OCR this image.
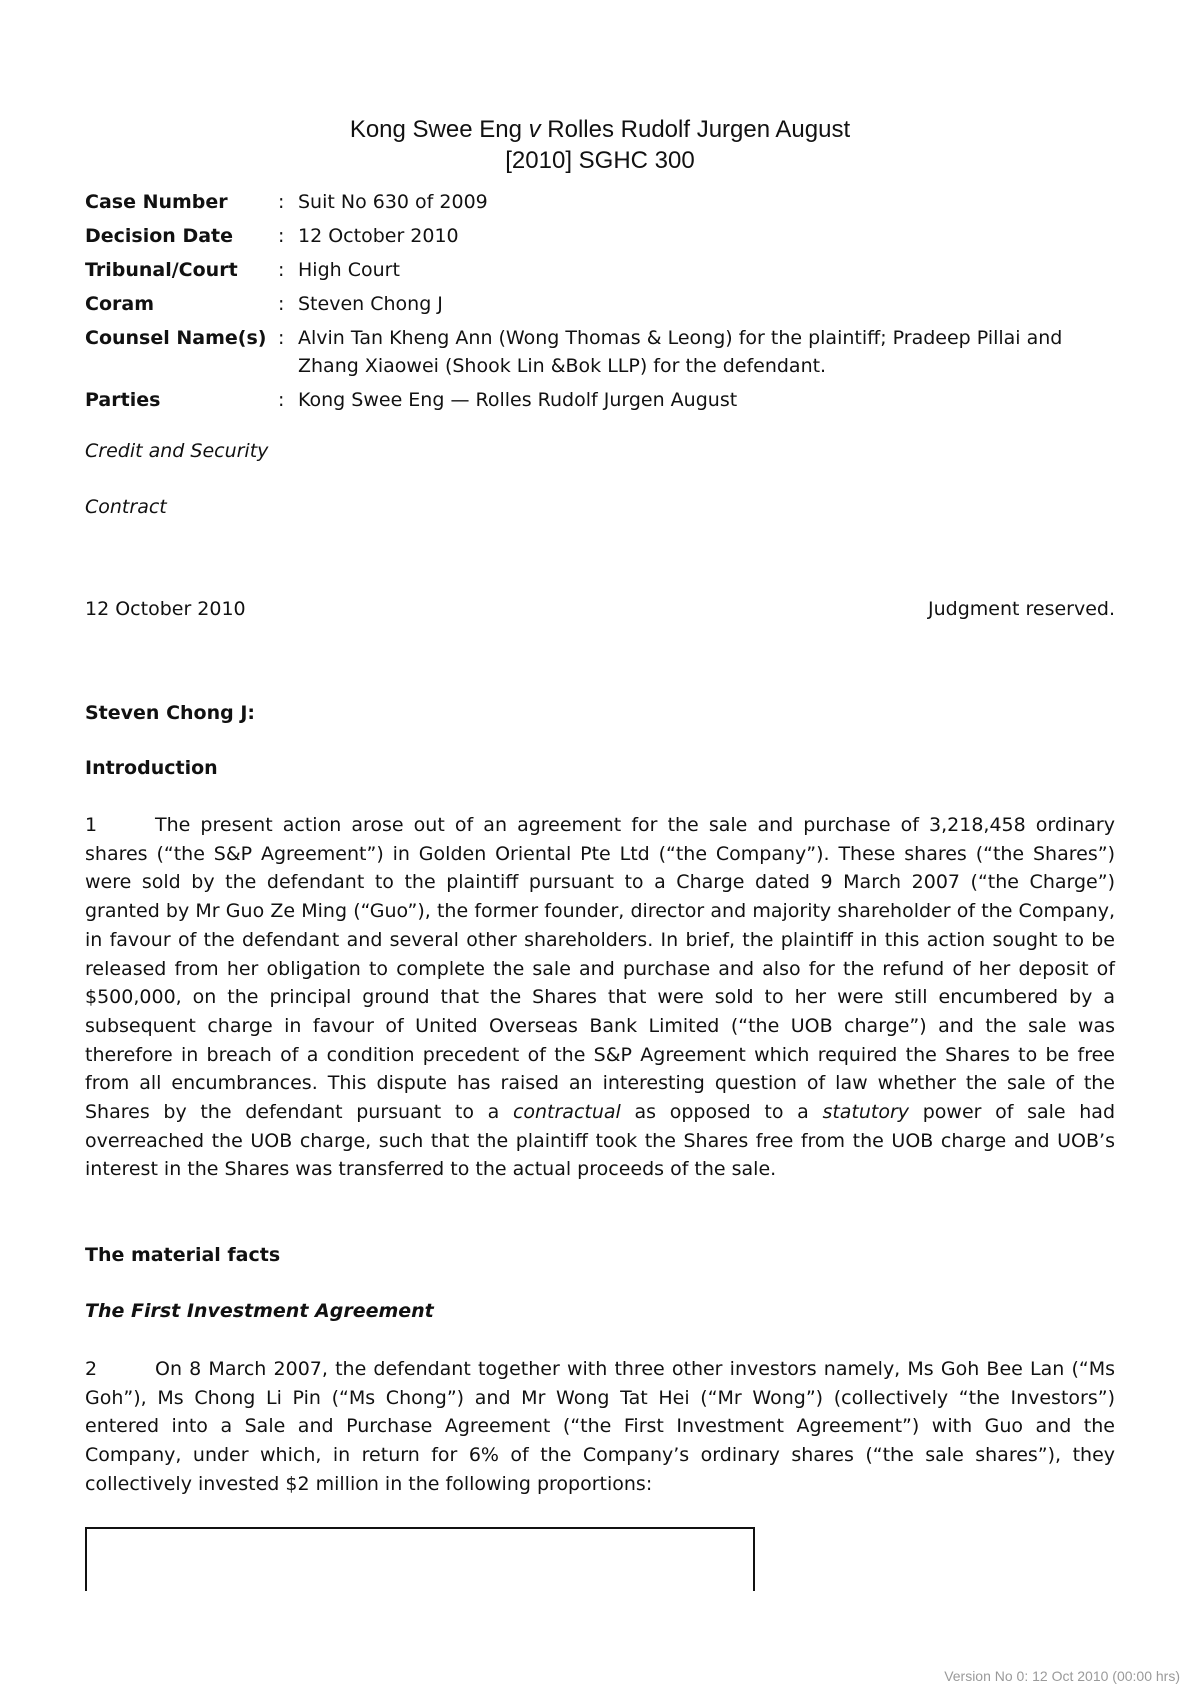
Kong Swee Eng v Rolles Rudolf Jurgen August
[2010] SGHC 300
Case Number	: Suit No 630 of 2009
Decision Date	: 12 October 2010
Tribunal/Court	: High Court
Coram	: Steven Chong J
Counsel Name(s) : Alvin Tan Kheng Ann (Wong Thomas & Leong) for the plaintiff; Pradeep Pillai and Zhang Xiaowei (Shook Lin &Bok LLP) for the defendant.
Parties	: Kong Swee Eng — Rolles Rudolf Jurgen August
Credit and Security
Contract
12 October 2010	Judgment reserved.
Steven Chong J:
Introduction
1	The present action arose out of an agreement for the sale and purchase of 3,218,458 ordinary shares (“the S&P Agreement”) in Golden Oriental Pte Ltd (“the Company”). These shares (“the Shares”) were sold by the defendant to the plaintiff pursuant to a Charge dated 9 March 2007 (“the Charge”) granted by Mr Guo Ze Ming (“Guo”), the former founder, director and majority shareholder of the Company, in favour of the defendant and several other shareholders. In brief, the plaintiff in this action sought to be released from her obligation to complete the sale and purchase and also for the refund of her deposit of $500,000, on the principal ground that the Shares that were sold to her were still encumbered by a subsequent charge in favour of United Overseas Bank Limited (“the UOB charge”) and the sale was therefore in breach of a condition precedent of the S&P Agreement which required the Shares to be free from all encumbrances. This dispute has raised an interesting question of law whether the sale of the Shares by the defendant pursuant to a contractual as opposed to a statutory power of sale had overreached the UOB charge, such that the plaintiff took the Shares free from the UOB charge and UOB’s interest in the Shares was transferred to the actual proceeds of the sale.
The material facts
The First Investment Agreement
2	On 8 March 2007, the defendant together with three other investors namely, Ms Goh Bee Lan (“Ms Goh”), Ms Chong Li Pin (“Ms Chong”) and Mr Wong Tat Hei (“Mr Wong”) (collectively “the Investors”) entered into a Sale and Purchase Agreement (“the First Investment Agreement”) with Guo and the Company, under which, in return for 6% of the Company’s ordinary shares (“the sale shares”), they collectively invested $2 million in the following proportions:
Version No 0: 12 Oct 2010 (00:00 hrs)
